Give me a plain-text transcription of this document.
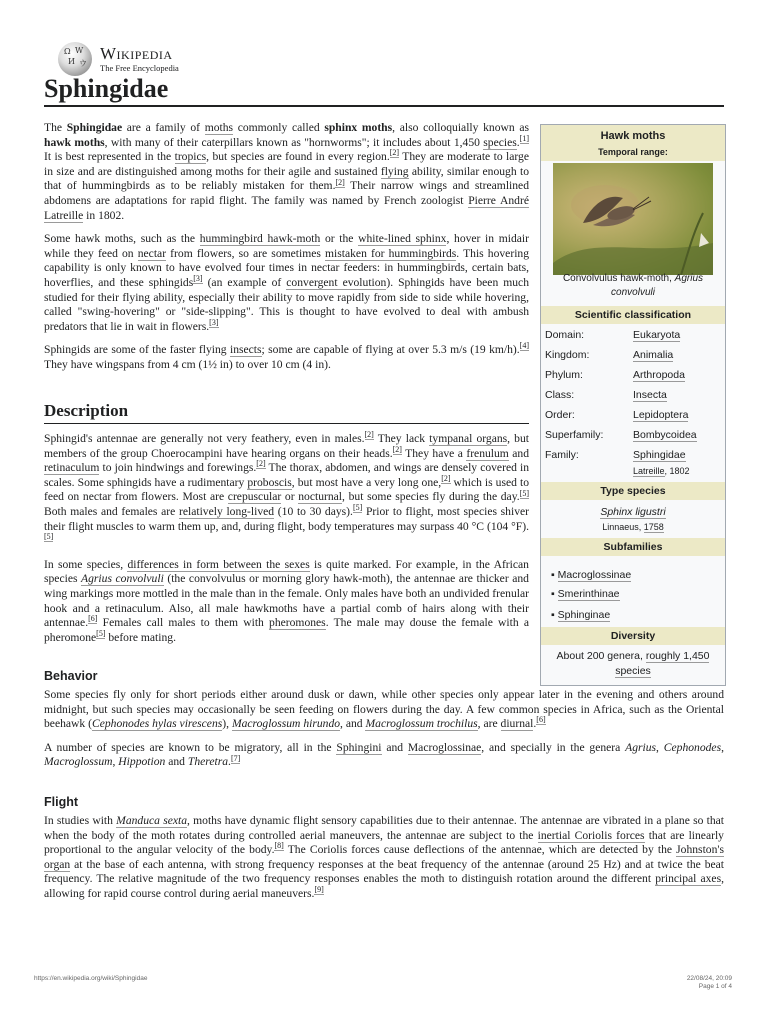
Ω W
И ウ
Wikipedia
The Free Encyclopedia
Sphingidae

The Sphingidae are a family of moths commonly called sphinx moths, also colloquially known as hawk moths, with many of their caterpillars known as "hornworms"; it includes about 1,450 species.[1] It is best represented in the tropics, but species are found in every region.[2] They are moderate to large in size and are distinguished among moths for their agile and sustained flying ability, similar enough to that of hummingbirds as to be reliably mistaken for them.[2] Their narrow wings and streamlined abdomens are adaptations for rapid flight. The family was named by French zoologist Pierre André Latreille in 1802.

Some hawk moths, such as the hummingbird hawk-moth or the white-lined sphinx, hover in midair while they feed on nectar from flowers, so are sometimes mistaken for hummingbirds. This hovering capability is only known to have evolved four times in nectar feeders: in hummingbirds, certain bats, hoverflies, and these sphingids[3] (an example of convergent evolution). Sphingids have been much studied for their flying ability, especially their ability to move rapidly from side to side while hovering, called "swing-hovering" or "side-slipping". This is thought to have evolved to deal with ambush predators that lie in wait in flowers.[3]

Sphingids are some of the faster flying insects; some are capable of flying at over 5.3 m/s (19 km/h).[4] They have wingspans from 4 cm (1½ in) to over 10 cm (4 in).

Description

Sphingid's antennae are generally not very feathery, even in males.[2] They lack tympanal organs, but members of the group Choerocampini have hearing organs on their heads.[2] They have a frenulum and retinaculum to join hindwings and forewings.[2] The thorax, abdomen, and wings are densely covered in scales. Some sphingids have a rudimentary proboscis, but most have a very long one,[2] which is used to feed on nectar from flowers. Most are crepuscular or nocturnal, but some species fly during the day.[5] Both males and females are relatively long-lived (10 to 30 days).[5] Prior to flight, most species shiver their flight muscles to warm them up, and, during flight, body temperatures may surpass 40 °C (104 °F).[5]

In some species, differences in form between the sexes is quite marked. For example, in the African species Agrius convolvuli (the convolvulus or morning glory hawk-moth), the antennae are thicker and wing markings more mottled in the male than in the female. Only males have both an undivided frenular hook and a retinaculum. Also, all male hawkmoths have a partial comb of hairs along with their antennae.[6] Females call males to them with pheromones. The male may douse the female with a pheromone[5] before mating.

Behavior

Some species fly only for short periods either around dusk or dawn, while other species only appear later in the evening and others around midnight, but such species may occasionally be seen feeding on flowers during the day. A few common species in Africa, such as the Oriental beehawk (Cephonodes hylas virescens), Macroglossum hirundo, and Macroglossum trochilus, are diurnal.[6]

A number of species are known to be migratory, all in the Sphingini and Macroglossinae, and specially in the genera Agrius, Cephonodes, Macroglossum, Hippotion and Theretra.[7]

Flight

In studies with Manduca sexta, moths have dynamic flight sensory capabilities due to their antennae. The antennae are vibrated in a plane so that when the body of the moth rotates during controlled aerial maneuvers, the antennae are subject to the inertial Coriolis forces that are linearly proportional to the angular velocity of the body.[8] The Coriolis forces cause deflections of the antennae, which are detected by the Johnston's organ at the base of each antenna, with strong frequency responses at the beat frequency of the antennae (around 25 Hz) and at twice the beat frequency. The relative magnitude of the two frequency responses enables the moth to distinguish rotation around the different principal axes, allowing for rapid course control during aerial maneuvers.[9]

Hawk moths
Temporal range:
Convolvulus hawk-moth, Agrius convolvuli
Scientific classification
Domain:	Eukaryota
Kingdom:	Animalia
Phylum:	Arthropoda
Class:	Insecta
Order:	Lepidoptera
Superfamily:	Bombycoidea
Family:	Sphingidae
Latreille, 1802
Type species
Sphinx ligustri
Linnaeus, 1758
Subfamilies
▪ Macroglossinae
▪ Smerinthinae
▪ Sphinginae
Diversity
About 200 genera, roughly 1,450 species
https://en.wikipedia.org/wiki/Sphingidae	22/08/24, 20:09
Page 1 of 4
